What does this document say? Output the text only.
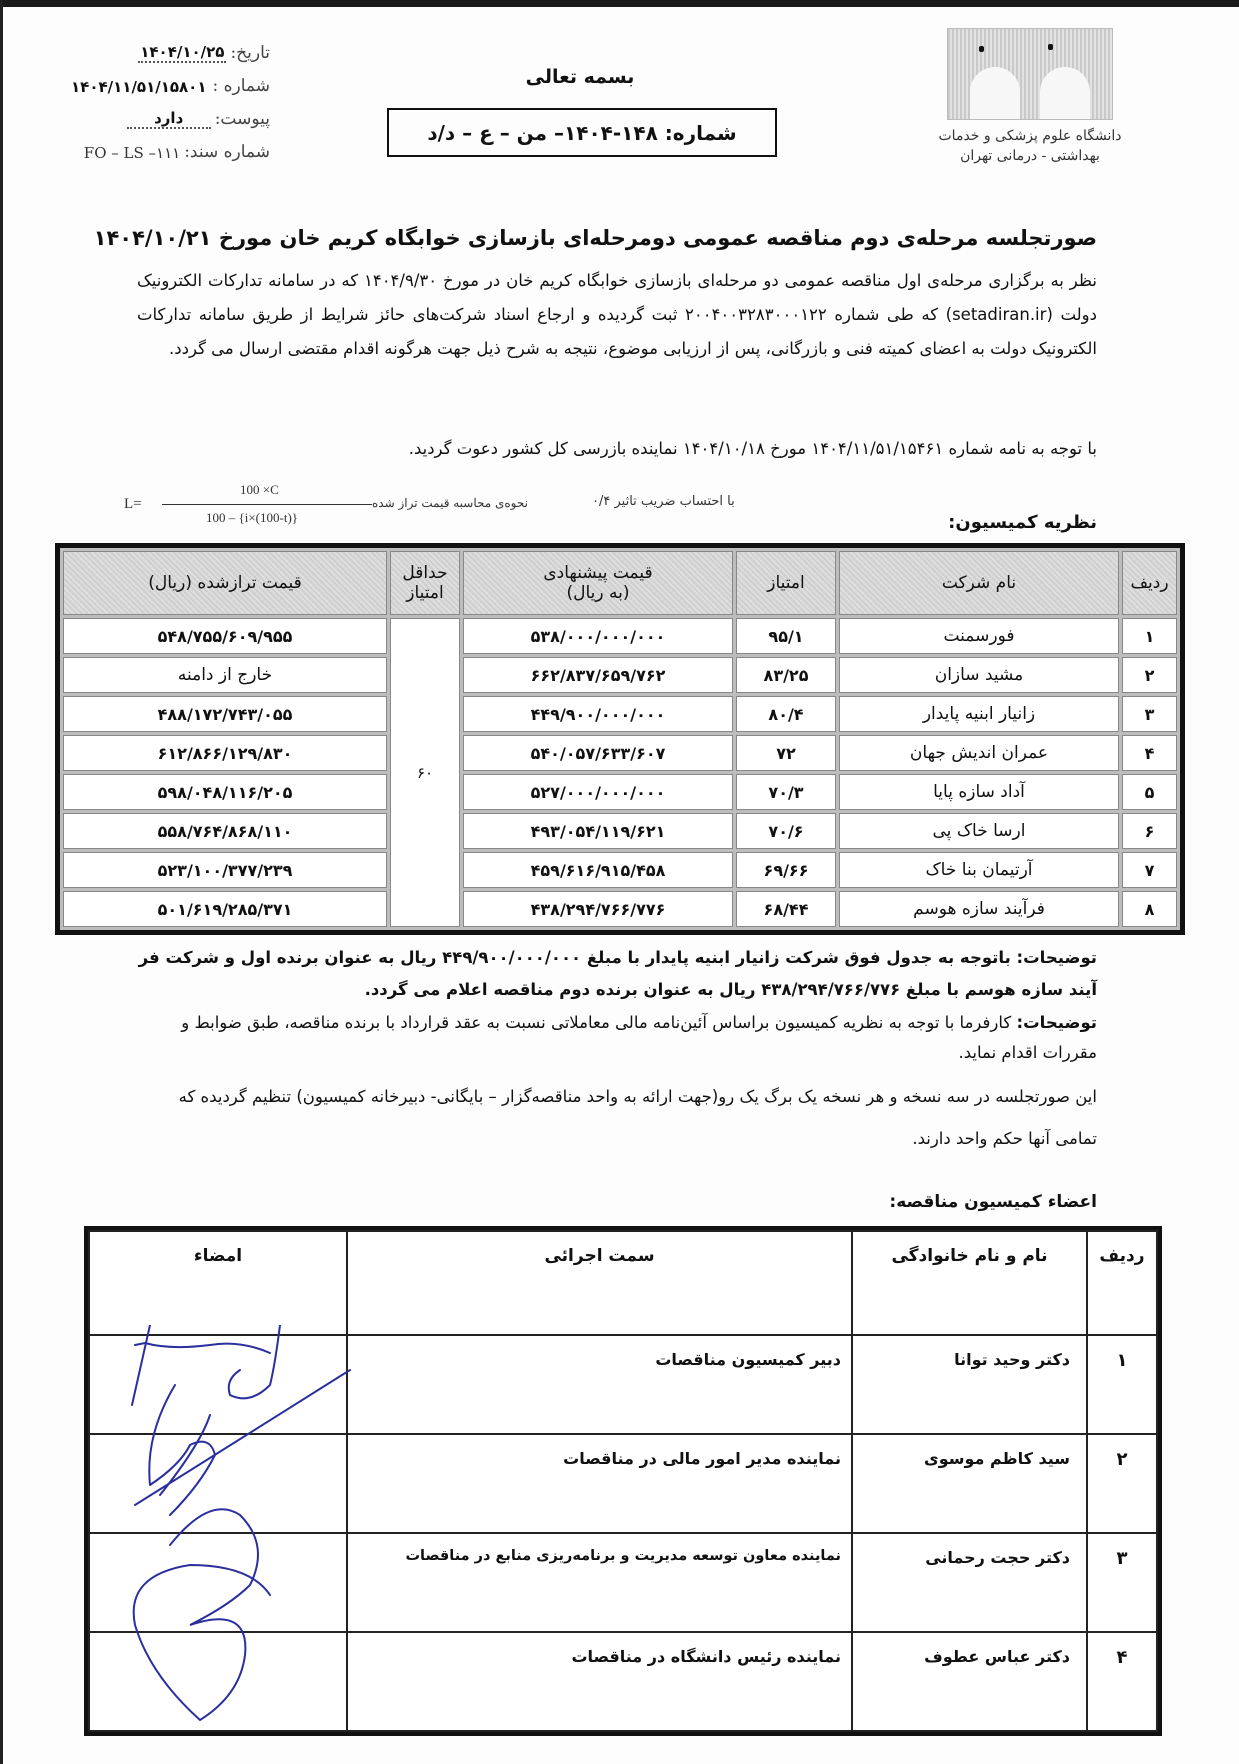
تاریخ:
۱۴۰۴/۱۰/۲۵
شماره :
۱۴۰۴/۱۱/۵۱/۱۵۸۰۱
پیوست:
دارد
شماره سند:
FO – LS –۱۱۱
بسمه تعالی
شماره: ۱۴۸-۱۴۰۴– من – ع – د/د	دانشگاه علوم پزشکی و خدمات
بهداشتی - درمانی تهران
صورتجلسه مرحله‌ی دوم مناقصه عمومی دومرحله‌ای بازسازی خوابگاه کریم خان مورخ ۱۴۰۴/۱۰/۲۱

نظر به برگزاری مرحله‌ی اول مناقصه عمومی دو مرحله‌ای بازسازی خوابگاه کریم خان در مورخ ۱۴۰۴/۹/۳۰ که در سامانه تدارکات الکترونیک دولت (setadiran.ir) که طی شماره ۲۰۰۴۰۰۳۲۸۳۰۰۰۱۲۲ ثبت گردیده و ارجاع اسناد شرکت‌های حائز شرایط از طریق سامانه تدارکات الکترونیک دولت به اعضای کمیته فنی و بازرگانی، پس از ارزیابی موضوع، نتیجه به شرح ذیل جهت هرگونه اقدام مقتضی ارسال می گردد.

با توجه به نامه شماره ۱۴۰۴/۱۱/۵۱/۱۵۴۶۱ مورخ ۱۴۰۴/۱۰/۱۸ نماینده بازرسی کل کشور دعوت گردید.

L=
100 ×C
100 – {i×(100-t)}
نحوه‌ی محاسبه قیمت تراز شده	با احتساب ضریب تاثیر ۰/۴
نظریه کمیسیون:
ردیف	نام شرکت	امتیاز	
قیمت پیشنهادی
(به ریال)

حداقل
امتیاز
	قیمت ترازشده (ریال)
۱	فورسمنت	۹۵/۱	۵۳۸/۰۰۰/۰۰۰/۰۰۰	۶۰	۵۴۸/۷۵۵/۶۰۹/۹۵۵
۲	مشید سازان	۸۳/۲۵	۶۶۲/۸۳۷/۶۵۹/۷۶۲		خارج از دامنه
۳	زانیار ابنیه پایدار	۸۰/۴	۴۴۹/۹۰۰/۰۰۰/۰۰۰		۴۸۸/۱۷۲/۷۴۳/۰۵۵
۴	عمران اندیش جهان	۷۲	۵۴۰/۰۵۷/۶۳۳/۶۰۷		۶۱۲/۸۶۶/۱۲۹/۸۳۰
۵	آداد سازه پایا	۷۰/۳	۵۲۷/۰۰۰/۰۰۰/۰۰۰		۵۹۸/۰۴۸/۱۱۶/۲۰۵
۶	ارسا خاک پی	۷۰/۶	۴۹۳/۰۵۴/۱۱۹/۶۲۱		۵۵۸/۷۶۴/۸۶۸/۱۱۰
۷	آرتیمان بنا خاک	۶۹/۶۶	۴۵۹/۶۱۶/۹۱۵/۴۵۸		۵۲۳/۱۰۰/۳۷۷/۲۳۹
۸	فرآیند سازه هوسم	۶۸/۴۴	۴۳۸/۲۹۴/۷۶۶/۷۷۶		۵۰۱/۶۱۹/۲۸۵/۳۷۱
توضیحات: باتوجه به جدول فوق شرکت زانیار ابنیه پایدار با مبلغ ۴۴۹/۹۰۰/۰۰۰/۰۰۰ ریال به عنوان برنده اول و شرکت فر آیند سازه هوسم با مبلغ ۴۳۸/۲۹۴/۷۶۶/۷۷۶ ریال به عنوان برنده دوم مناقصه اعلام می گردد.
توضیحات: کارفرما با توجه به نظریه کمیسیون براساس آئین‌نامه مالی معاملاتی نسبت به عقد قرارداد با برنده مناقصه، طبق ضوابط و مقررات اقدام نماید.
این صورتجلسه در سه نسخه و هر نسخه یک برگ یک رو(جهت ارائه به واحد مناقصه‌گزار – بایگانی- دبیرخانه کمیسیون) تنظیم گردیده که تمامی آنها حکم واحد دارند.
اعضاء کمیسیون مناقصه:
ردیف	نام و نام خانوادگی	سمت اجرائی	امضاء
۱	دکتر وحید توانا	دبیر کمیسیون مناقصات	
۲	سید کاظم موسوی	نماینده مدیر امور مالی در مناقصات	
۳	دکتر حجت رحمانی	نماینده معاون توسعه مدیریت و برنامه‌ریزی منابع در مناقصات	
۴	دکتر عباس عطوف	نماینده رئیس دانشگاه در مناقصات	
